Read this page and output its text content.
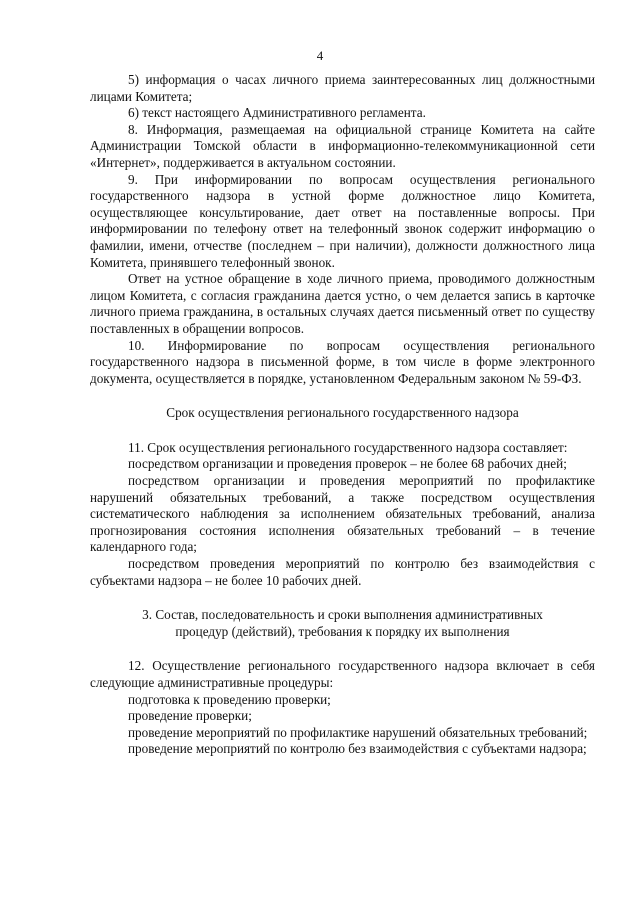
4

5) информация о часах личного приема заинтересованных лиц должностными лицами Комитета;

6) текст настоящего Административного регламента.

8. Информация, размещаемая на официальной странице Комитета на сайте Администрации Томской области в информационно-телекоммуникационной сети «Интернет», поддерживается в актуальном состоянии.

9. При информировании по вопросам осуществления регионального государственного надзора в устной форме должностное лицо Комитета, осуществляющее консультирование, дает ответ на поставленные вопросы. При информировании по телефону ответ на телефонный звонок содержит информацию о фамилии, имени, отчестве (последнем – при наличии), должности должностного лица Комитета, принявшего телефонный звонок.

Ответ на устное обращение в ходе личного приема, проводимого должностным лицом Комитета, с согласия гражданина дается устно, о чем делается запись в карточке личного приема гражданина, в остальных случаях дается письменный ответ по существу поставленных в обращении вопросов.

10. Информирование по вопросам осуществления регионального государственного надзора в письменной форме, в том числе в форме электронного документа, осуществляется в порядке, установленном Федеральным законом № 59-ФЗ.

Срок осуществления регионального государственного надзора

11. Срок осуществления регионального государственного надзора составляет:

посредством организации и проведения проверок – не более 68 рабочих дней;

посредством организации и проведения мероприятий по профилактике нарушений обязательных требований, а также посредством осуществления систематического наблюдения за исполнением обязательных требований, анализа прогнозирования состояния исполнения обязательных требований – в течение календарного года;

посредством проведения мероприятий по контролю без взаимодействия с субъектами надзора – не более 10 рабочих дней.

3. Состав, последовательность и сроки выполнения административных
процедур (действий), требования к порядку их выполнения

12. Осуществление регионального государственного надзора включает в себя следующие административные процедуры:

подготовка к проведению проверки;

проведение проверки;

проведение мероприятий по профилактике нарушений обязательных требований;

проведение мероприятий по контролю без взаимодействия с субъектами надзора;
